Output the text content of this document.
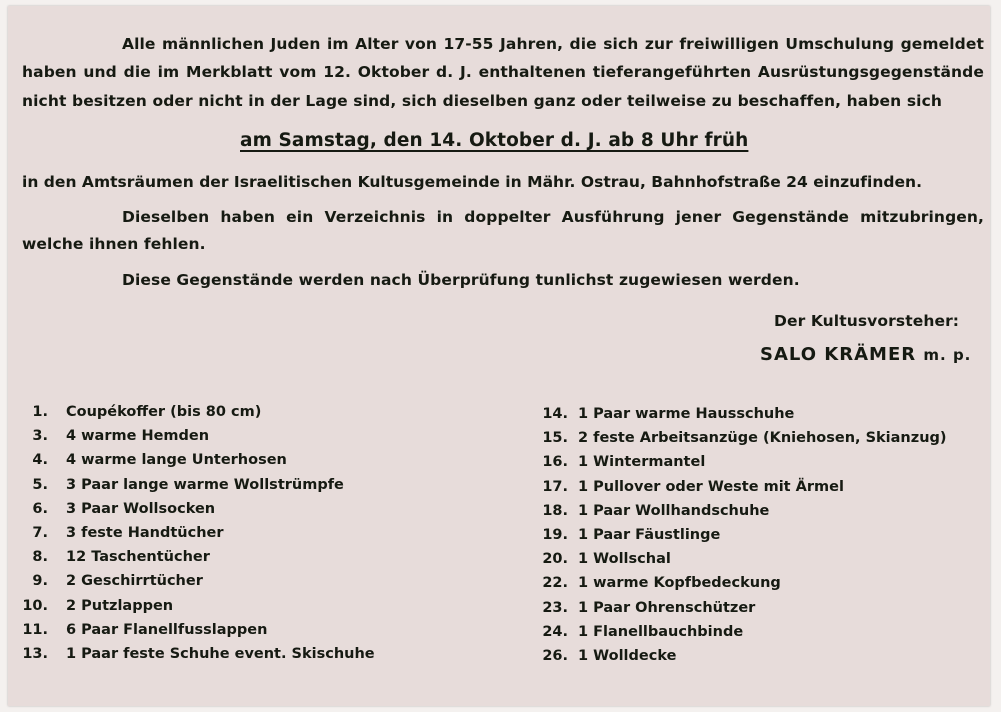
Alle männlichen Juden im Alter von 17-55 Jahren, die sich zur freiwilligen Umschulung gemeldet
haben und die im Merkblatt vom 12. Oktober d. J. enthaltenen tieferangeführten Ausrüstungsgegenstände
nicht besitzen oder nicht in der Lage sind, sich dieselben ganz oder teilweise zu beschaffen, haben sich
am Samstag, den 14. Oktober d. J. ab 8 Uhr früh
in den Amtsräumen der Israelitischen Kultusgemeinde in Mähr. Ostrau, Bahnhofstraße 24 einzufinden.
Dieselben haben ein Verzeichnis in doppelter Ausführung jener Gegenstände mitzubringen,
welche ihnen fehlen.
Diese Gegenstände werden nach Überprüfung tunlichst zugewiesen werden.
Der Kultusvorsteher:
SALO KRÄMER m. p.
1. Coupékoffer (bis 80 cm)
3. 4 warme Hemden
4. 4 warme lange Unterhosen
5. 3 Paar lange warme Wollstrümpfe
6. 3 Paar Wollsocken
7. 3 feste Handtücher
8. 12 Taschentücher
9. 2 Geschirrtücher
10. 2 Putzlappen
11. 6 Paar Flanellfusslappen
13. 1 Paar feste Schuhe event. Skischuhe
14. 1 Paar warme Hausschuhe
15. 2 feste Arbeitsanzüge (Kniehosen, Skianzug)
16. 1 Wintermantel
17. 1 Pullover oder Weste mit Ärmel
18. 1 Paar Wollhandschuhe
19. 1 Paar Fäustlinge
20. 1 Wollschal
22. 1 warme Kopfbedeckung
23. 1 Paar Ohrenschützer
24. 1 Flanellbauchbinde
26. 1 Wolldecke
